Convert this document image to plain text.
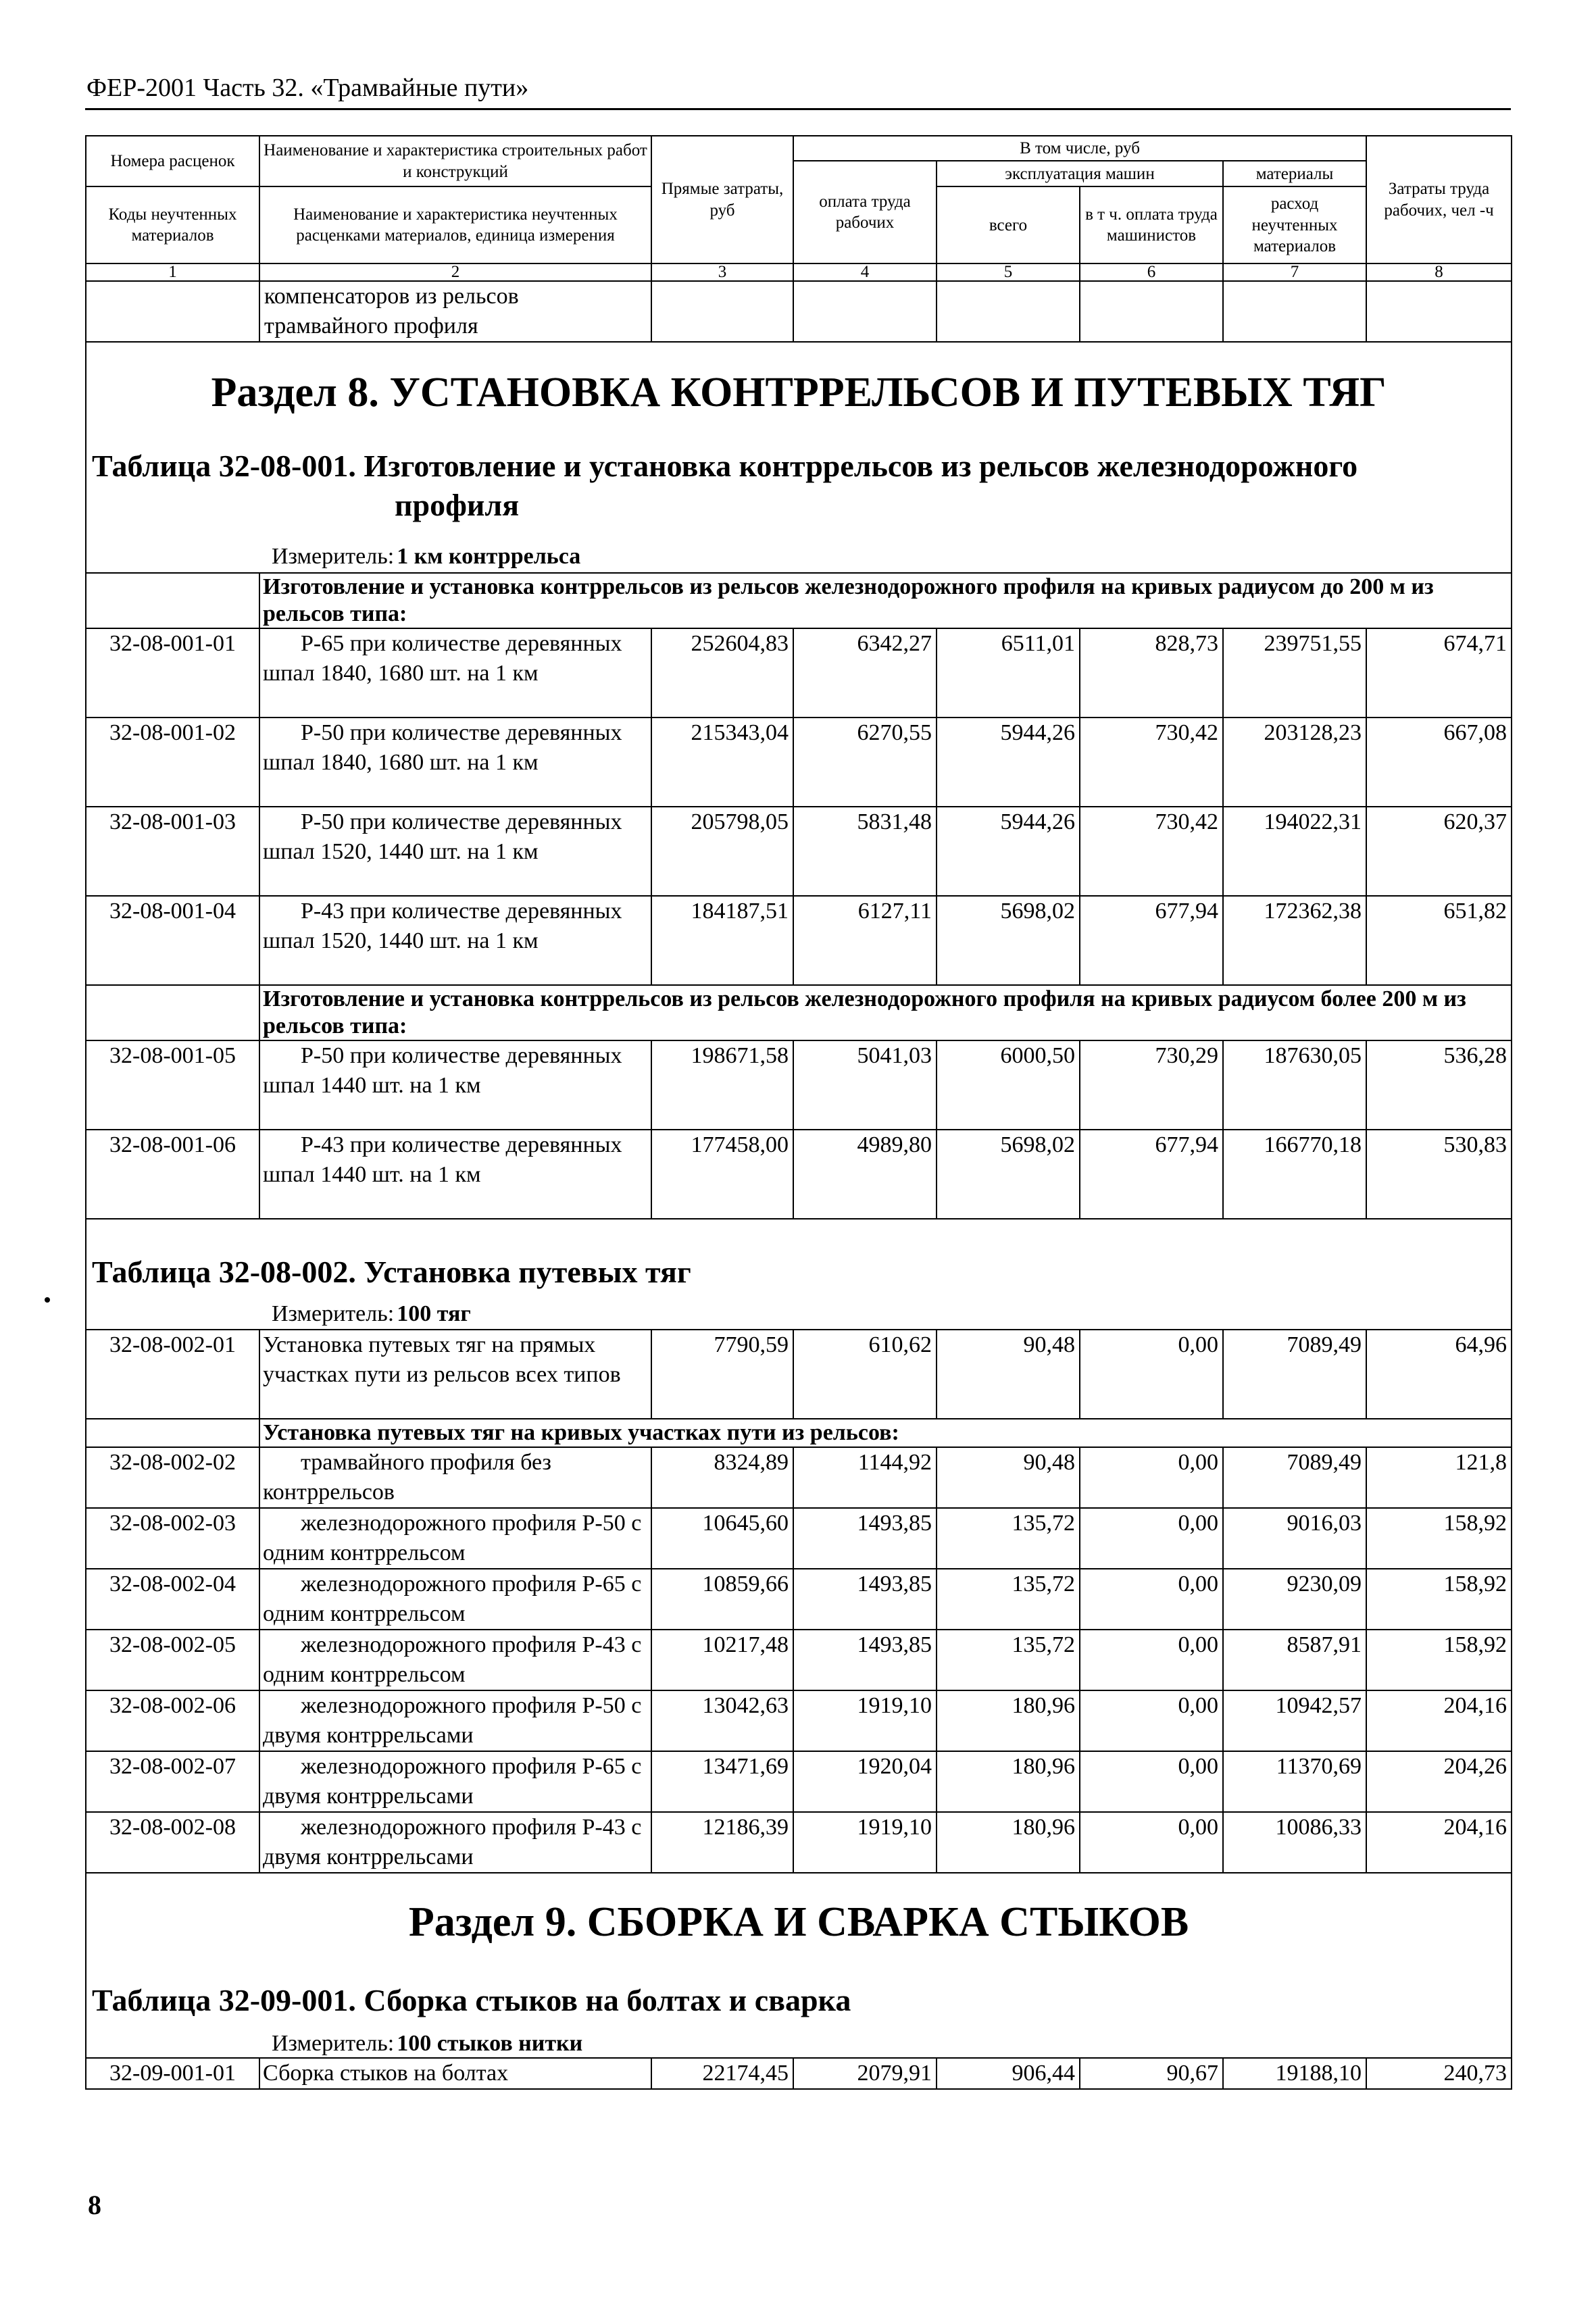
ФЕР-2001 Часть 32. «Трамвайные пути»
Номера расценок	Наименование и характеристика строительных работ и конструкций	Прямые затраты, руб	В том числе, руб				Затраты труда рабочих, чел -ч
			оплата труда рабочих	эксплуатация машин		материалы	
Коды неучтенных материалов	Наименование и характеристика неучтенных расценками материалов, единица измерения			всего	в т ч. оплата труда машинистов	расход неучтенных материалов	

1	2	3	4	5	6	7	8
	компенсаторов из рельсов трамвайного профиля						
Раздел 8. УСТАНОВКА КОНТРРЕЛЬСОВ И ПУТЕВЫХ ТЯГ							
Таблица 32-08-001. Изготовление и установка контррельсов из рельсов железнодорожного
профиля							

Измеритель: 1 км контррельса							
	Изготовление и установка контррельсов из рельсов железнодорожного профиля на кривых радиусом до 200 м из рельсов типа:						
32-08-001-01	Р-65 при количестве деревянных шпал 1840, 1680 шт. на 1 км	252604,83	6342,27	6511,01	828,73	239751,55	674,71
32-08-001-02	Р-50 при количестве деревянных шпал 1840, 1680 шт. на 1 км	215343,04	6270,55	5944,26	730,42	203128,23	667,08
32-08-001-03	Р-50 при количестве деревянных шпал 1520, 1440 шт. на 1 км	205798,05	5831,48	5944,26	730,42	194022,31	620,37
32-08-001-04	Р-43 при количестве деревянных шпал 1520, 1440 шт. на 1 км	184187,51	6127,11	5698,02	677,94	172362,38	651,82
	Изготовление и установка контррельсов из рельсов железнодорожного профиля на кривых радиусом более 200 м из рельсов типа:						
32-08-001-05	Р-50 при количестве деревянных шпал 1440 шт. на 1 км	198671,58	5041,03	6000,50	730,29	187630,05	536,28
32-08-001-06	Р-43 при количестве деревянных шпал 1440 шт. на 1 км	177458,00	4989,80	5698,02	677,94	166770,18	530,83
Таблица 32-08-002. Установка путевых тяг							
Измеритель: 100 тяг							
32-08-002-01	Установка путевых тяг на прямых участках пути из рельсов всех типов	7790,59	610,62	90,48	0,00	7089,49	64,96
	Установка путевых тяг на кривых участках пути из рельсов:						
32-08-002-02	трамвайного профиля без контррельсов	8324,89	1144,92	90,48	0,00	7089,49	121,8
32-08-002-03	железнодорожного профиля Р-50 с одним контррельсом	10645,60	1493,85	135,72	0,00	9016,03	158,92
32-08-002-04	железнодорожного профиля Р-65 с одним контррельсом	10859,66	1493,85	135,72	0,00	9230,09	158,92
32-08-002-05	железнодорожного профиля Р-43 с одним контррельсом	10217,48	1493,85	135,72	0,00	8587,91	158,92
32-08-002-06	железнодорожного профиля Р-50 с двумя контррельсами	13042,63	1919,10	180,96	0,00	10942,57	204,16
32-08-002-07	железнодорожного профиля Р-65 с двумя контррельсами	13471,69	1920,04	180,96	0,00	11370,69	204,26
32-08-002-08	железнодорожного профиля Р-43 с двумя контррельсами	12186,39	1919,10	180,96	0,00	10086,33	204,16
Раздел 9. СБОРКА И СВАРКА СТЫКОВ							
Таблица 32-09-001. Сборка стыков на болтах и сварка							
Измеритель: 100 стыков нитки							
32-09-001-01	Сборка стыков на болтах	22174,45	2079,91	906,44	90,67	19188,10	240,73
8
